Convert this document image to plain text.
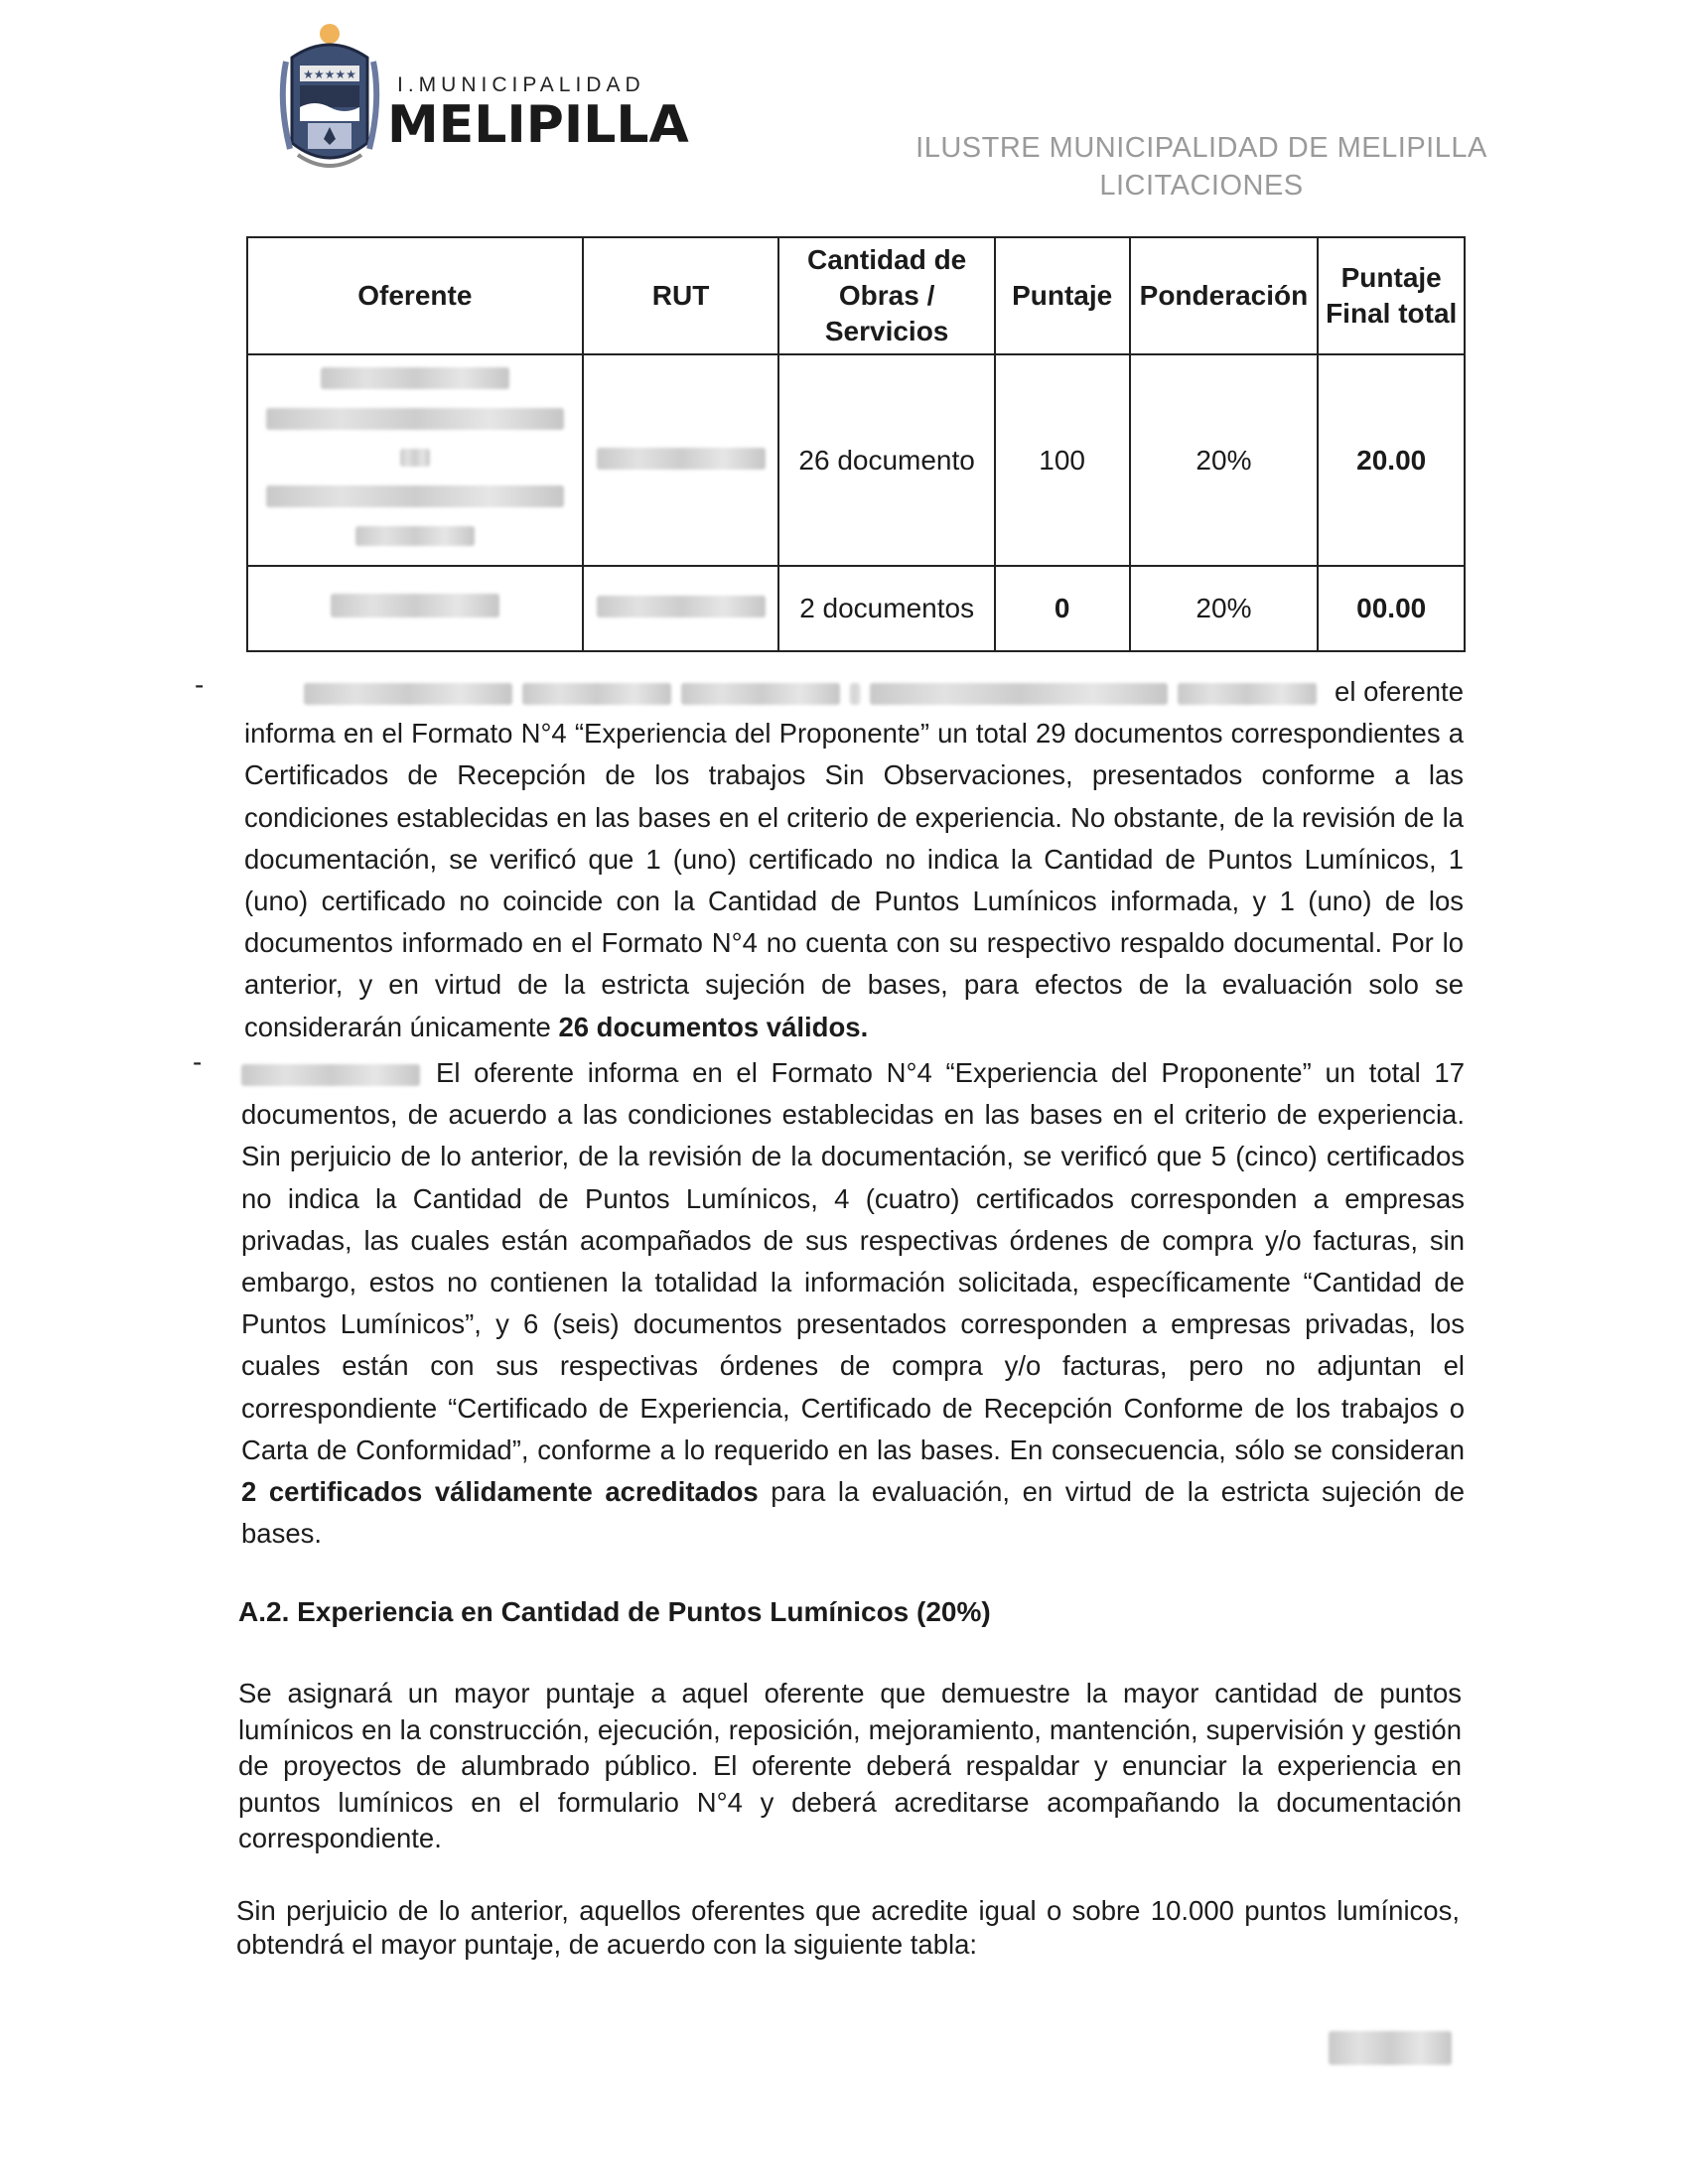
★★★★★ I.MUNICIPALIDAD
MELIPILLA	ILUSTRE MUNICIPALIDAD DE MELIPILLA
LICITACIONES
Oferente	RUT	Cantidad de Obras / Servicios	Puntaje	Ponderación	Puntaje Final total

		26 documento	100	20%	20.00
		2 documentos	0	20%	00.00
-	el oferente
informa en el Formato N°4 “Experiencia del Proponente” un total 29 documentos correspondientes a Certificados de Recepción de los trabajos Sin Observaciones, presentados conforme a las condiciones establecidas en las bases en el criterio de experiencia. No obstante, de la revisión de la documentación, se verificó que 1 (uno) certificado no indica la Cantidad de Puntos Lumínicos, 1 (uno) certificado no coincide con la Cantidad de Puntos Lumínicos informada, y 1 (uno) de los documentos informado en el Formato N°4 no cuenta con su respectivo respaldo documental. Por lo anterior, y en virtud de la estricta sujeción de bases, para efectos de la evaluación solo se considerarán únicamente 26 documentos válidos.
-	El oferente informa en el Formato N°4 “Experiencia del Proponente” un total 17 documentos, de acuerdo a las condiciones establecidas en las bases en el criterio de experiencia. Sin perjuicio de lo anterior, de la revisión de la documentación, se verificó que 5 (cinco) certificados no indica la Cantidad de Puntos Lumínicos, 4 (cuatro) certificados corresponden a empresas privadas, las cuales están acompañados de sus respectivas órdenes de compra y/o facturas, sin embargo, estos no contienen la totalidad la información solicitada, específicamente “Cantidad de Puntos Lumínicos”, y 6 (seis) documentos presentados corresponden a empresas privadas, los cuales están con sus respectivas órdenes de compra y/o facturas, pero no adjuntan el correspondiente “Certificado de Experiencia, Certificado de Recepción Conforme de los trabajos o Carta de Conformidad”, conforme a lo requerido en las bases. En consecuencia, sólo se consideran 2 certificados válidamente acreditados para la evaluación, en virtud de la estricta sujeción de bases.
A.2. Experiencia en Cantidad de Puntos Lumínicos (20%)
Se asignará un mayor puntaje a aquel oferente que demuestre la mayor cantidad de puntos lumínicos en la construcción, ejecución, reposición, mejoramiento, mantención, supervisión y gestión de proyectos de alumbrado público. El oferente deberá respaldar y enunciar la experiencia en puntos lumínicos en el formulario N°4 y deberá acreditarse acompañando la documentación correspondiente.
Sin perjuicio de lo anterior, aquellos oferentes que acredite igual o sobre 10.000 puntos lumínicos, obtendrá el mayor puntaje, de acuerdo con la siguiente tabla:
